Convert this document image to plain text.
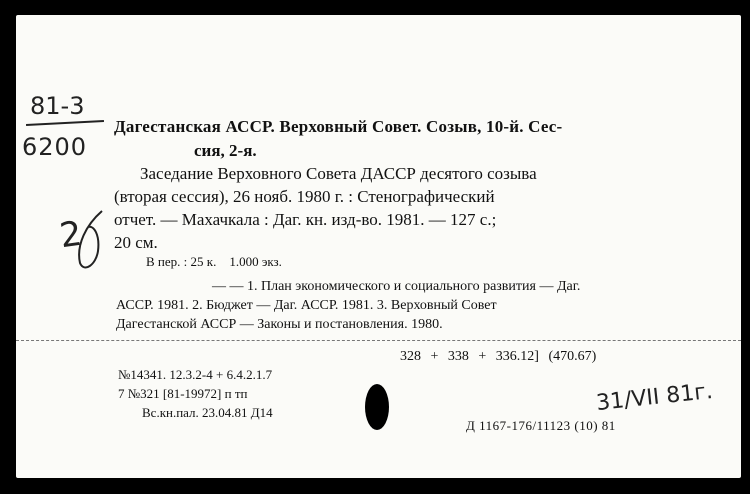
81-3
6200
2
Дагестанская АССР. Верховный Совет. Созыв, 10-й. Сес-
сия, 2-я.
Заседание Верховного Совета ДАССР десятого созыва
(вторая сессия), 26 нояб. 1980 г. : Стенографический
отчет. — Махачкала : Даг. кн. изд-во. 1981. — 127 с.;
20 см.
В пер. : 25 к.    1.000 экз.
— — 1. План экономического и социального развития — Даг.
АССР. 1981. 2. Бюджет — Даг. АССР. 1981. 3. Верховный Совет
Дагестанской АССР — Законы и постановления. 1980.
328 + 338 + 336.12] (470.67)
№14341. 12.3.2-4 + 6.4.2.1.7
7 №321 [81-19972] п тп
Вс.кн.пал. 23.04.81 Д14	31/VII 81г.
Д 1167-176/11123 (10) 81
